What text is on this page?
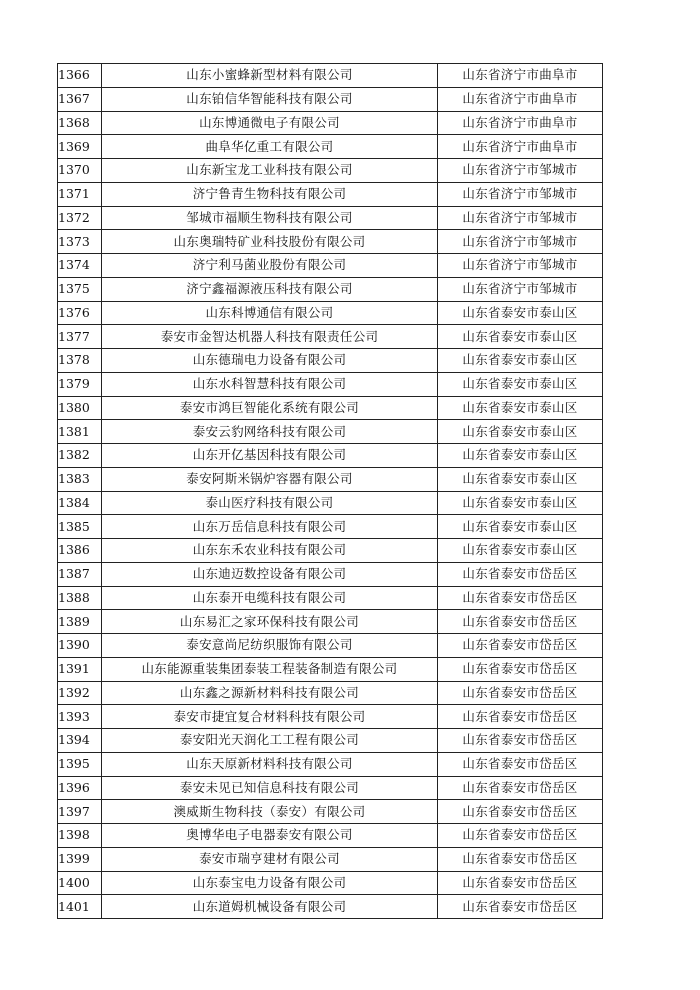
1366	山东小蜜蜂新型材料有限公司	山东省济宁市曲阜市
1367	山东铂信华智能科技有限公司	山东省济宁市曲阜市
1368	山东博通微电子有限公司	山东省济宁市曲阜市
1369	曲阜华亿重工有限公司	山东省济宁市曲阜市
1370	山东新宝龙工业科技有限公司	山东省济宁市邹城市
1371	济宁鲁青生物科技有限公司	山东省济宁市邹城市
1372	邹城市福顺生物科技有限公司	山东省济宁市邹城市
1373	山东奥瑞特矿业科技股份有限公司	山东省济宁市邹城市
1374	济宁利马菌业股份有限公司	山东省济宁市邹城市
1375	济宁鑫福源液压科技有限公司	山东省济宁市邹城市
1376	山东科博通信有限公司	山东省泰安市泰山区
1377	泰安市金智达机器人科技有限责任公司	山东省泰安市泰山区
1378	山东德瑞电力设备有限公司	山东省泰安市泰山区
1379	山东水科智慧科技有限公司	山东省泰安市泰山区
1380	泰安市鸿巨智能化系统有限公司	山东省泰安市泰山区
1381	泰安云豹网络科技有限公司	山东省泰安市泰山区
1382	山东开亿基因科技有限公司	山东省泰安市泰山区
1383	泰安阿斯米锅炉容器有限公司	山东省泰安市泰山区
1384	泰山医疗科技有限公司	山东省泰安市泰山区
1385	山东万岳信息科技有限公司	山东省泰安市泰山区
1386	山东东禾农业科技有限公司	山东省泰安市泰山区
1387	山东迪迈数控设备有限公司	山东省泰安市岱岳区
1388	山东泰开电缆科技有限公司	山东省泰安市岱岳区
1389	山东易汇之家环保科技有限公司	山东省泰安市岱岳区
1390	泰安意尚尼纺织服饰有限公司	山东省泰安市岱岳区
1391	山东能源重装集团泰装工程装备制造有限公司	山东省泰安市岱岳区
1392	山东鑫之源新材料科技有限公司	山东省泰安市岱岳区
1393	泰安市捷宜复合材料科技有限公司	山东省泰安市岱岳区
1394	泰安阳光天润化工工程有限公司	山东省泰安市岱岳区
1395	山东天原新材料科技有限公司	山东省泰安市岱岳区
1396	泰安未见已知信息科技有限公司	山东省泰安市岱岳区
1397	澳威斯生物科技（泰安）有限公司	山东省泰安市岱岳区
1398	奥博华电子电器泰安有限公司	山东省泰安市岱岳区
1399	泰安市瑞亨建材有限公司	山东省泰安市岱岳区
1400	山东泰宝电力设备有限公司	山东省泰安市岱岳区
1401	山东道姆机械设备有限公司	山东省泰安市岱岳区
